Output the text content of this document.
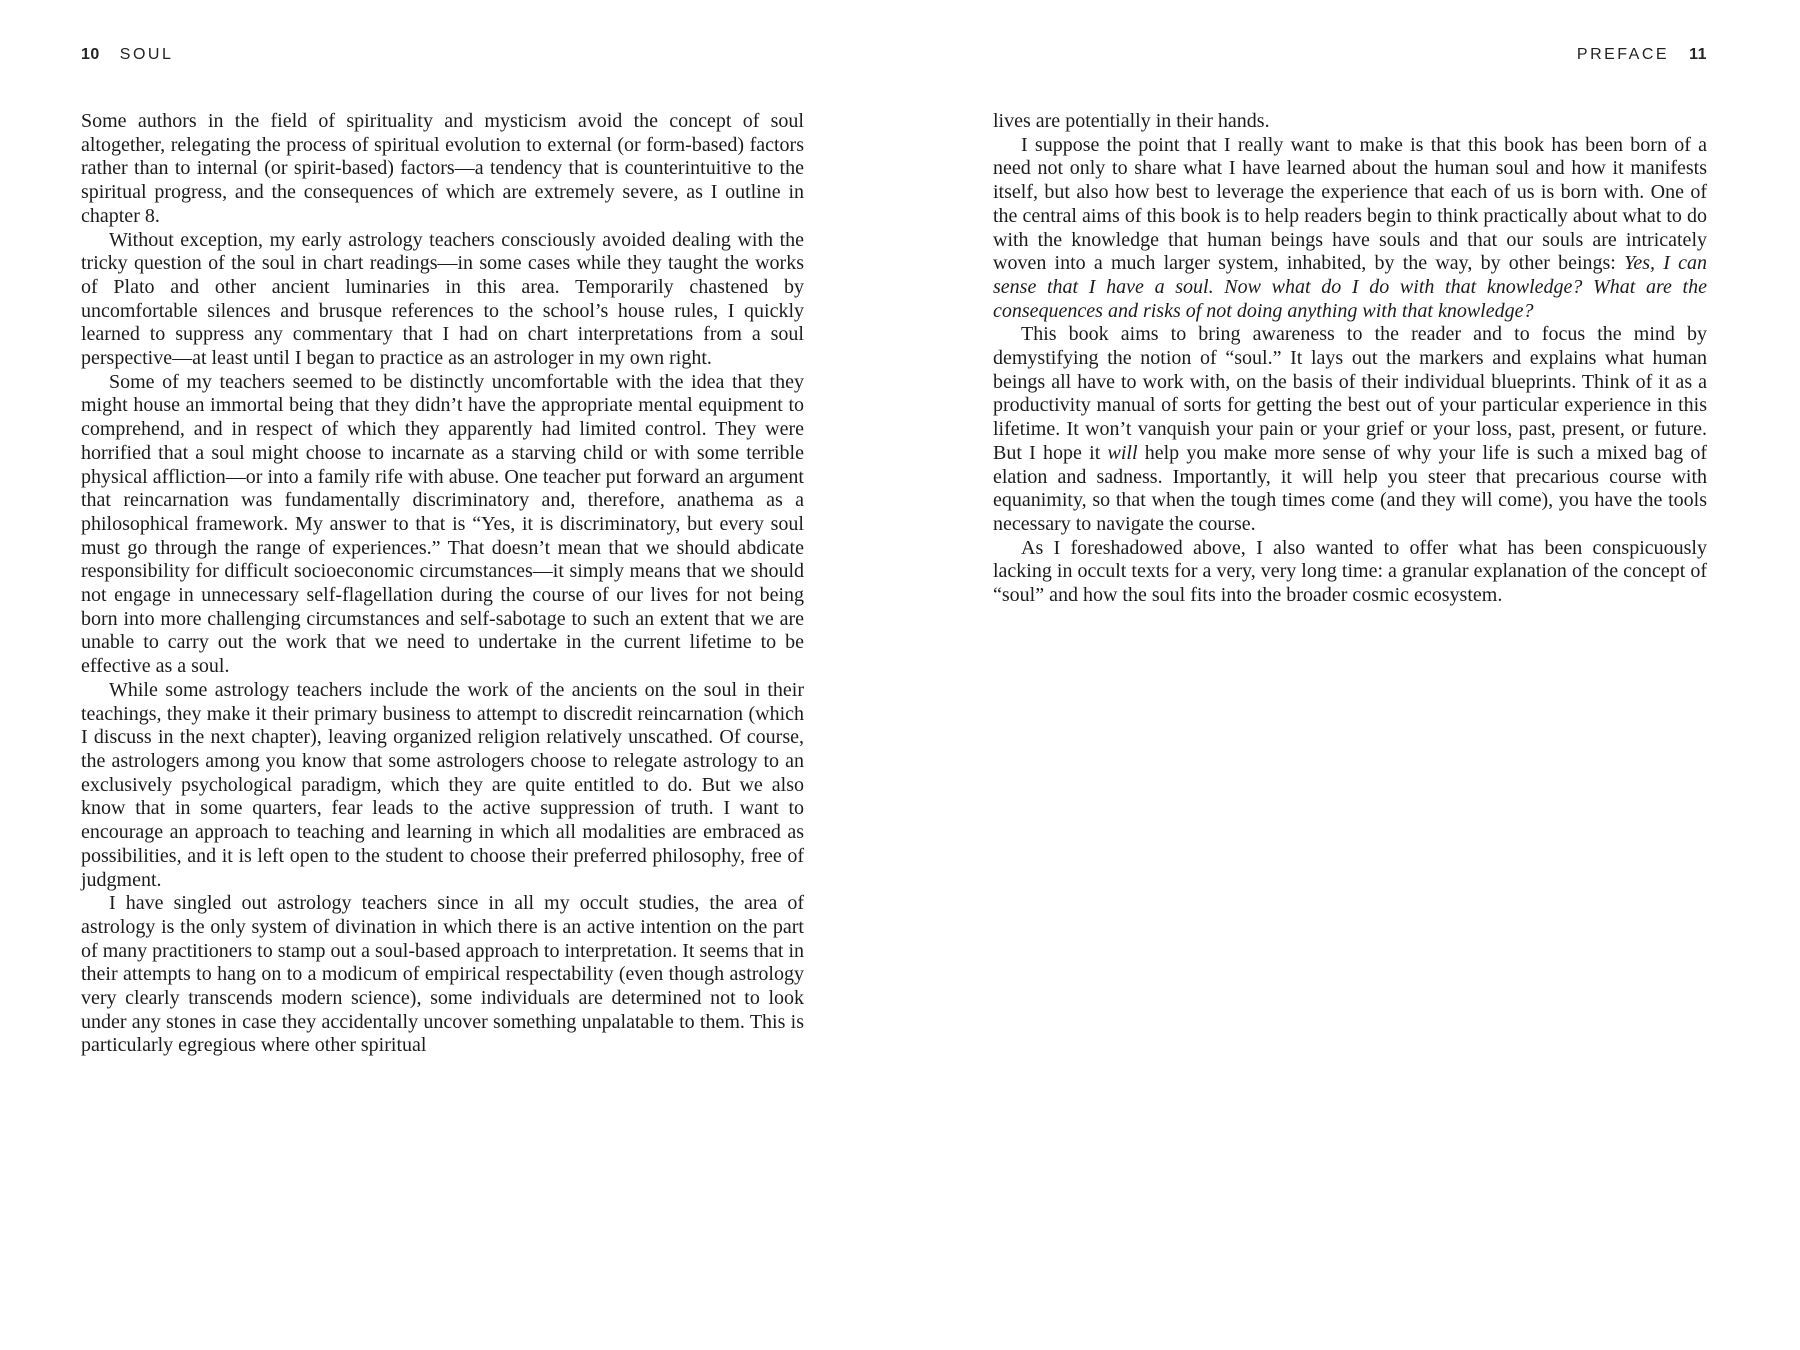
10 SOUL

Some authors in the field of spirituality and mysticism avoid the concept of soul altogether, relegating the process of spiritual evolution to external (or form-based) factors rather than to internal (or spirit-based) factors—a tendency that is counterintuitive to the spiritual progress, and the consequences of which are extremely severe, as I outline in chapter 8.

Without exception, my early astrology teachers consciously avoided dealing with the tricky question of the soul in chart readings—in some cases while they taught the works of Plato and other ancient luminaries in this area. Temporarily chastened by uncomfortable silences and brusque references to the school’s house rules, I quickly learned to suppress any commentary that I had on chart interpretations from a soul perspective—at least until I began to practice as an astrologer in my own right.

Some of my teachers seemed to be distinctly uncomfortable with the idea that they might house an immortal being that they didn’t have the appropriate mental equipment to comprehend, and in respect of which they apparently had limited control. They were horrified that a soul might choose to incarnate as a starving child or with some terrible physical affliction—or into a family rife with abuse. One teacher put forward an argument that reincarnation was fundamentally discriminatory and, therefore, anathema as a philosophical framework. My answer to that is “Yes, it is discriminatory, but every soul must go through the range of experiences.” That doesn’t mean that we should abdicate responsibility for difficult socioeconomic circumstances—it simply means that we should not engage in unnecessary self-flagellation during the course of our lives for not being born into more challenging circumstances and self-sabotage to such an extent that we are unable to carry out the work that we need to undertake in the current lifetime to be effective as a soul.

While some astrology teachers include the work of the ancients on the soul in their teachings, they make it their primary business to attempt to discredit reincarnation (which I discuss in the next chapter), leaving organized religion relatively unscathed. Of course, the astrologers among you know that some astrologers choose to relegate astrology to an exclusively psychological paradigm, which they are quite entitled to do. But we also know that in some quarters, fear leads to the active suppression of truth. I want to encourage an approach to teaching and learning in which all modalities are embraced as possibilities, and it is left open to the student to choose their preferred philosophy, free of judgment.

I have singled out astrology teachers since in all my occult studies, the area of astrology is the only system of divination in which there is an active intention on the part of many practitioners to stamp out a soul-based approach to interpretation. It seems that in their attempts to hang on to a modicum of empirical respectability (even though astrology very clearly transcends modern science), some individuals are determined not to look under any stones in case they accidentally uncover something unpalatable to them. This is particularly egregious where other spiritual

PREFACE 11

lives are potentially in their hands.

I suppose the point that I really want to make is that this book has been born of a need not only to share what I have learned about the human soul and how it manifests itself, but also how best to leverage the experience that each of us is born with. One of the central aims of this book is to help readers begin to think practically about what to do with the knowledge that human beings have souls and that our souls are intricately woven into a much larger system, inhabited, by the way, by other beings: Yes, I can sense that I have a soul. Now what do I do with that knowledge? What are the consequences and risks of not doing anything with that knowledge?

This book aims to bring awareness to the reader and to focus the mind by demystifying the notion of “soul.” It lays out the markers and explains what human beings all have to work with, on the basis of their individual blueprints. Think of it as a productivity manual of sorts for getting the best out of your particular experience in this lifetime. It won’t vanquish your pain or your grief or your loss, past, present, or future. But I hope it will help you make more sense of why your life is such a mixed bag of elation and sadness. Importantly, it will help you steer that precarious course with equanimity, so that when the tough times come (and they will come), you have the tools necessary to navigate the course.

As I foreshadowed above, I also wanted to offer what has been conspicuously lacking in occult texts for a very, very long time: a granular explanation of the concept of “soul” and how the soul fits into the broader cosmic ecosystem.
